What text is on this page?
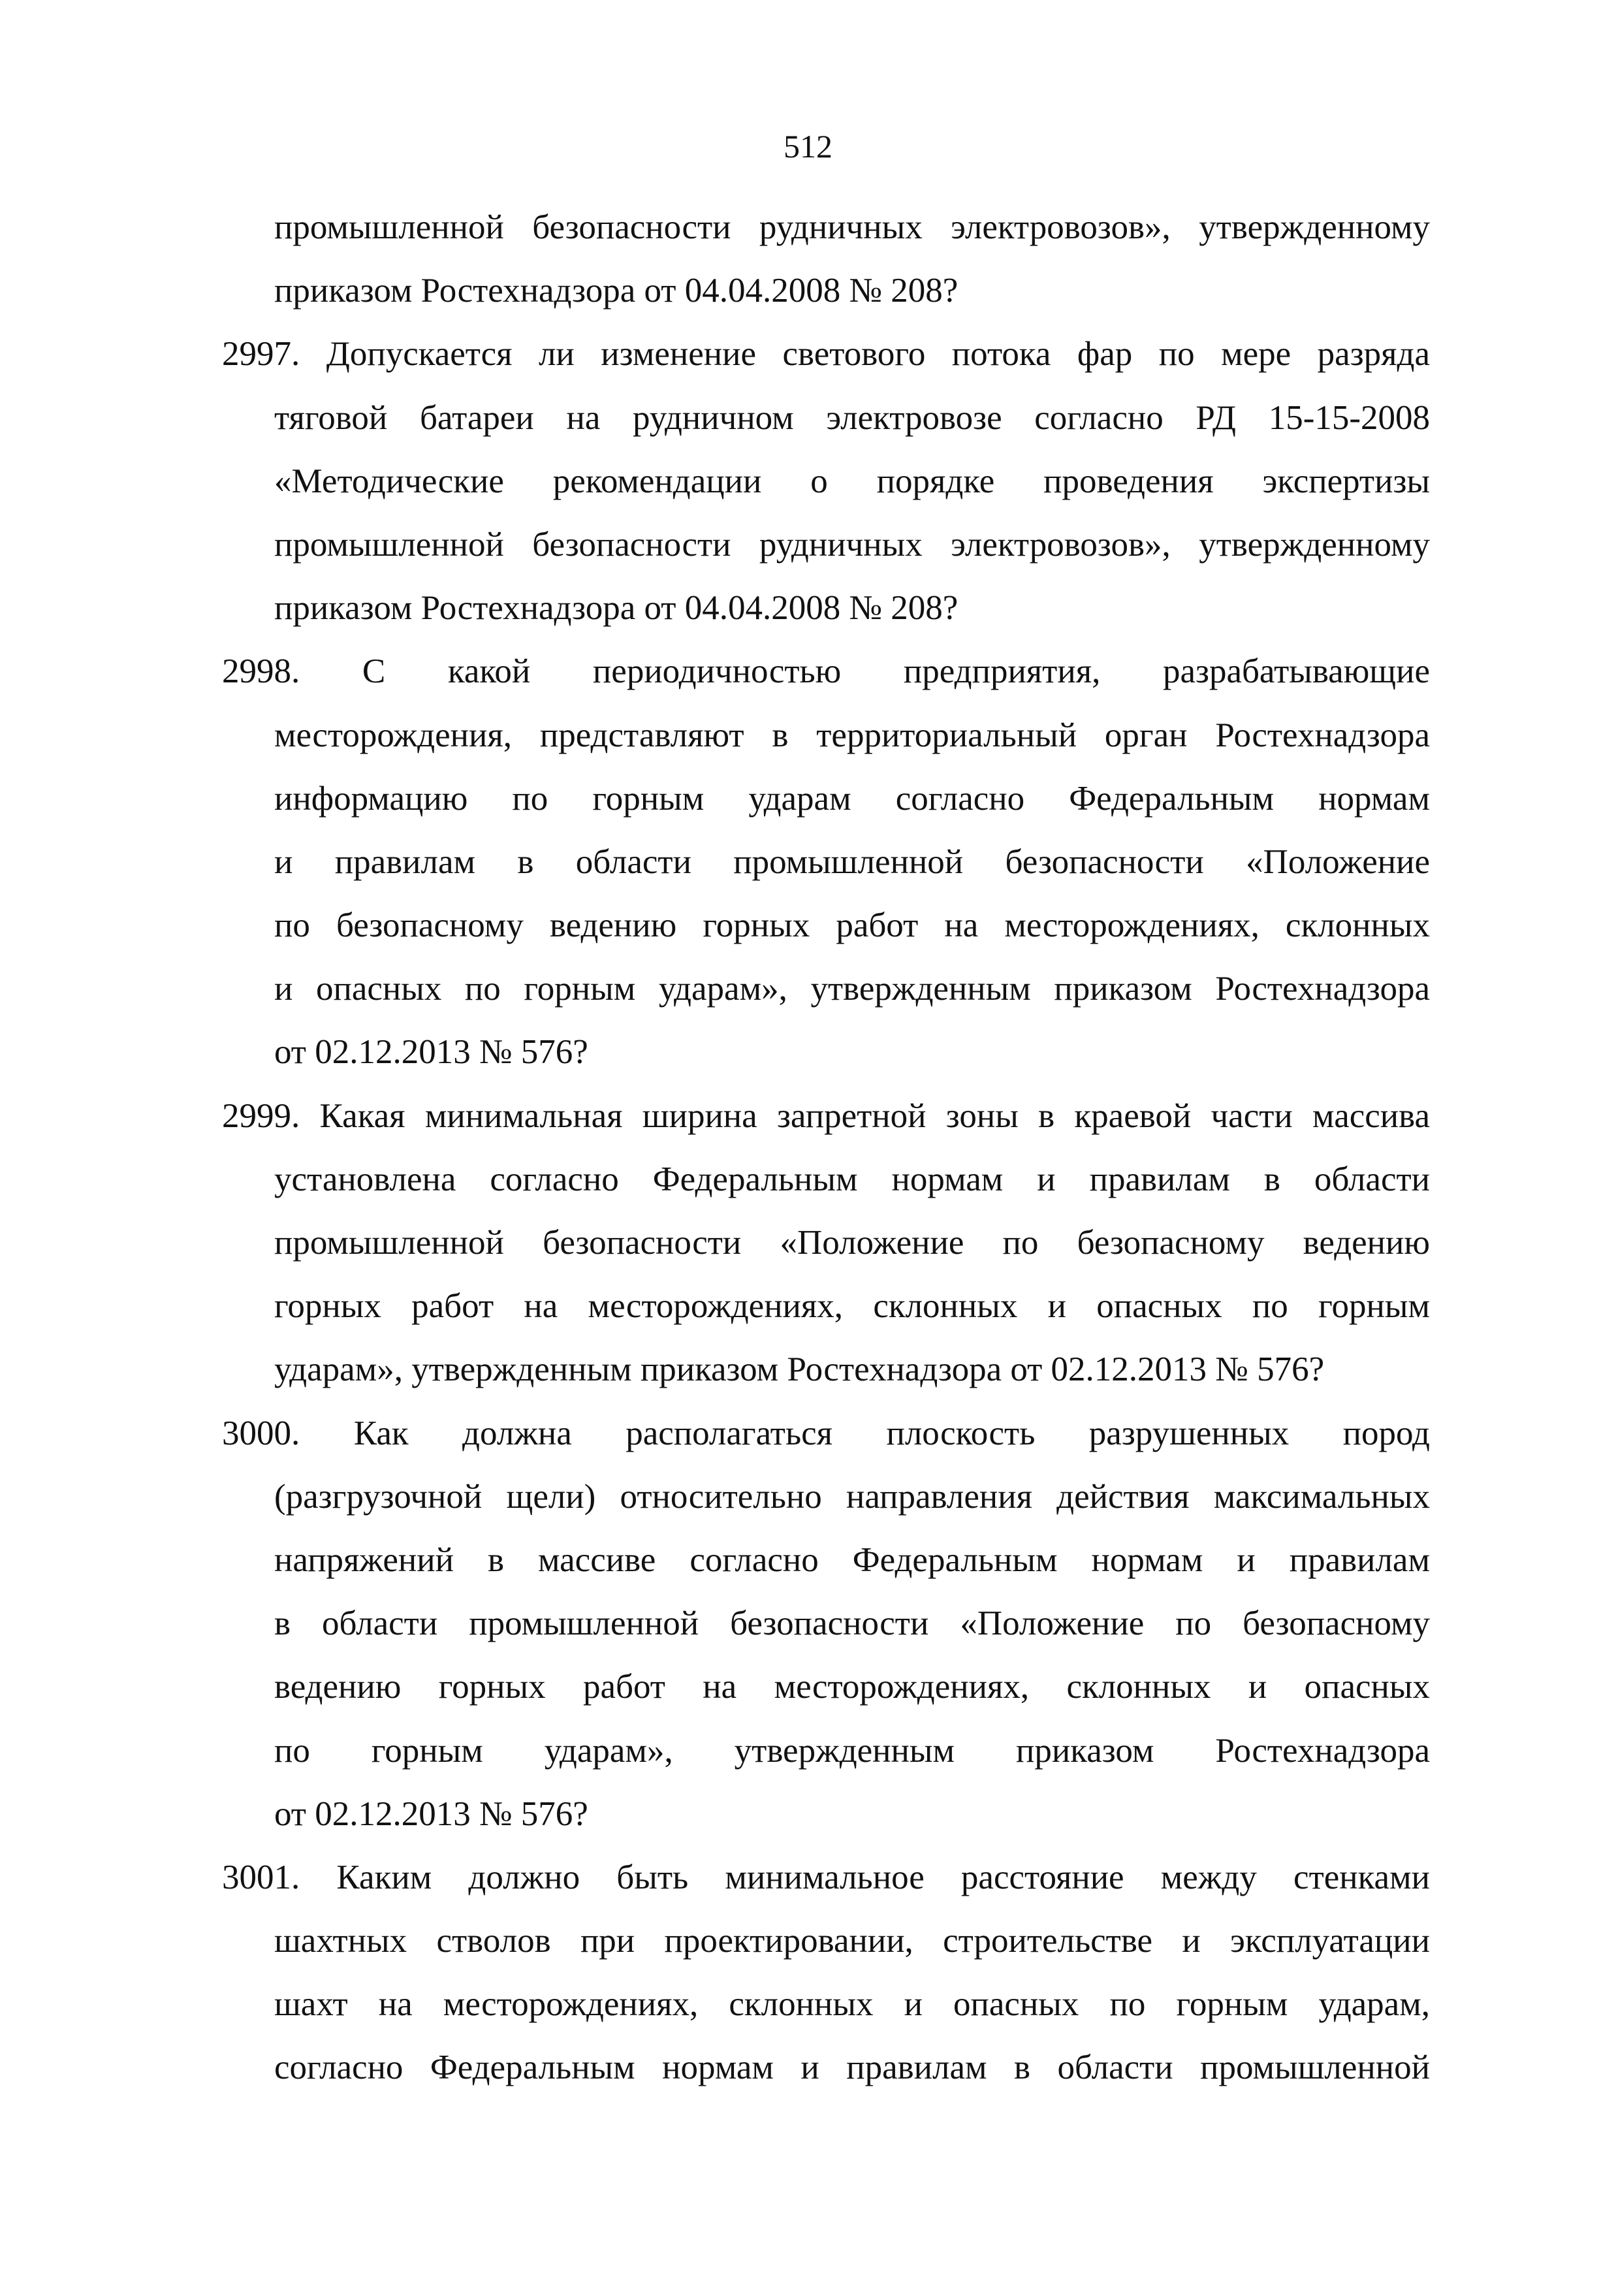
512
промышленной безопасности рудничных электровозов», утвержденному
приказом Ростехнадзора от 04.04.2008 № 208?
2997. Допускается ли изменение светового потока фар по мере разряда
тяговой батареи на рудничном электровозе согласно РД 15-15-2008
«Методические рекомендации о порядке проведения экспертизы
промышленной безопасности рудничных электровозов», утвержденному
приказом Ростехнадзора от 04.04.2008 № 208?
2998. С какой периодичностью предприятия, разрабатывающие
месторождения, представляют в территориальный орган Ростехнадзора
информацию по горным ударам согласно Федеральным нормам
и правилам в области промышленной безопасности «Положение
по безопасному ведению горных работ на месторождениях, склонных
и опасных по горным ударам», утвержденным приказом Ростехнадзора
от 02.12.2013 № 576?
2999. Какая минимальная ширина запретной зоны в краевой части массива
установлена согласно Федеральным нормам и правилам в области
промышленной безопасности «Положение по безопасному ведению
горных работ на месторождениях, склонных и опасных по горным
ударам», утвержденным приказом Ростехнадзора от 02.12.2013 № 576?
3000. Как должна располагаться плоскость разрушенных пород
(разгрузочной щели) относительно направления действия максимальных
напряжений в массиве согласно Федеральным нормам и правилам
в области промышленной безопасности «Положение по безопасному
ведению горных работ на месторождениях, склонных и опасных
по горным ударам», утвержденным приказом Ростехнадзора
от 02.12.2013 № 576?
3001. Каким должно быть минимальное расстояние между стенками
шахтных стволов при проектировании, строительстве и эксплуатации
шахт на месторождениях, склонных и опасных по горным ударам,
согласно Федеральным нормам и правилам в области промышленной
